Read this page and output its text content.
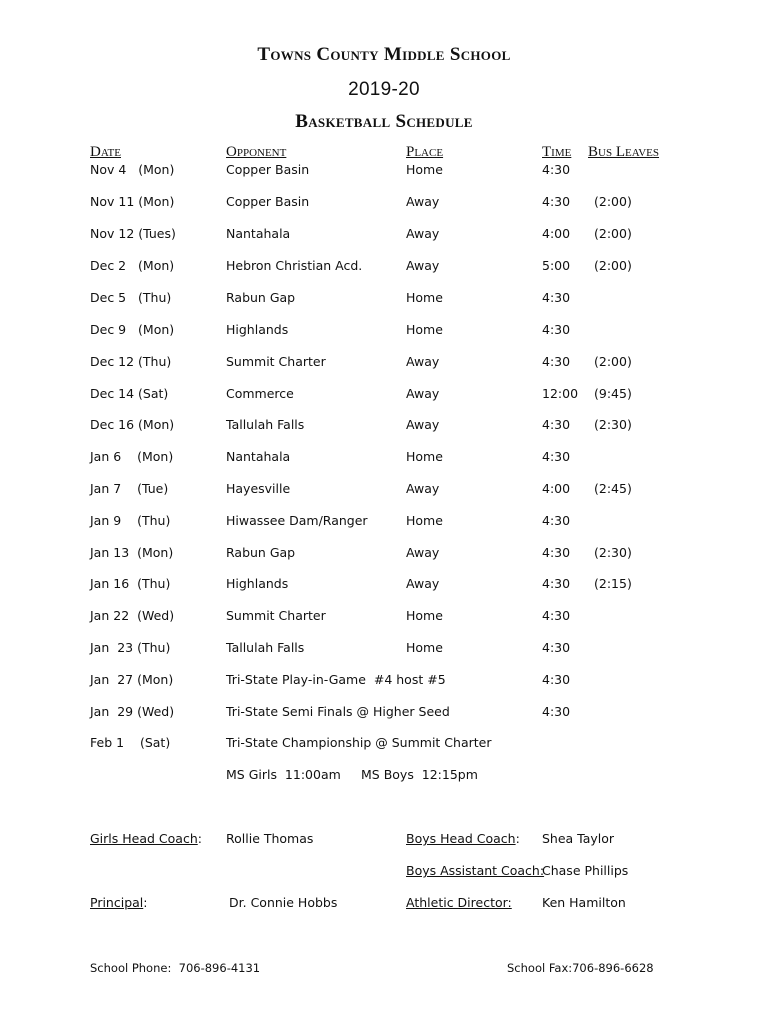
Towns County Middle School
2019-20
Basketball Schedule
Date	Opponent	Place	Time Bus Leaves
Nov 4   (Mon)	Copper Basin	Home	4:30
Nov 11 (Mon)	Copper Basin	Away	4:30 (2:00)
Nov 12 (Tues)	Nantahala	Away	4:00 (2:00)
Dec 2   (Mon)	Hebron Christian Acd.	Away	5:00 (2:00)
Dec 5   (Thu)	Rabun Gap	Home	4:30
Dec 9   (Mon)	Highlands	Home	4:30
Dec 12 (Thu)	Summit Charter	Away	4:30 (2:00)
Dec 14 (Sat)	Commerce	Away	12:00 (9:45)
Dec 16 (Mon)	Tallulah Falls	Away	4:30 (2:30)
Jan 6    (Mon)	Nantahala	Home	4:30
Jan 7    (Tue)	Hayesville	Away	4:00 (2:45)
Jan 9    (Thu)	Hiwassee Dam/Ranger	Home	4:30
Jan 13  (Mon)	Rabun Gap	Away	4:30 (2:30)
Jan 16  (Thu)	Highlands	Away	4:30 (2:15)
Jan 22  (Wed)	Summit Charter	Home	4:30
Jan  23 (Thu)	Tallulah Falls	Home	4:30
Jan  27 (Mon)	Tri-State Play-in-Game  #4 host #5	4:30
Jan  29 (Wed)	Tri-State Semi Finals @ Higher Seed	4:30
Feb 1    (Sat)	Tri-State Championship @ Summit Charter
MS Girls  11:00am MS Boys  12:15pm
Girls Head Coach: Rollie Thomas	Boys Head Coach: Shea Taylor
Boys Assistant Coach:
Chase Phillips
Principal:	Dr. Connie Hobbs	Athletic Director: Ken Hamilton
School Phone:  706-896-4131	School Fax:706-896-6628
